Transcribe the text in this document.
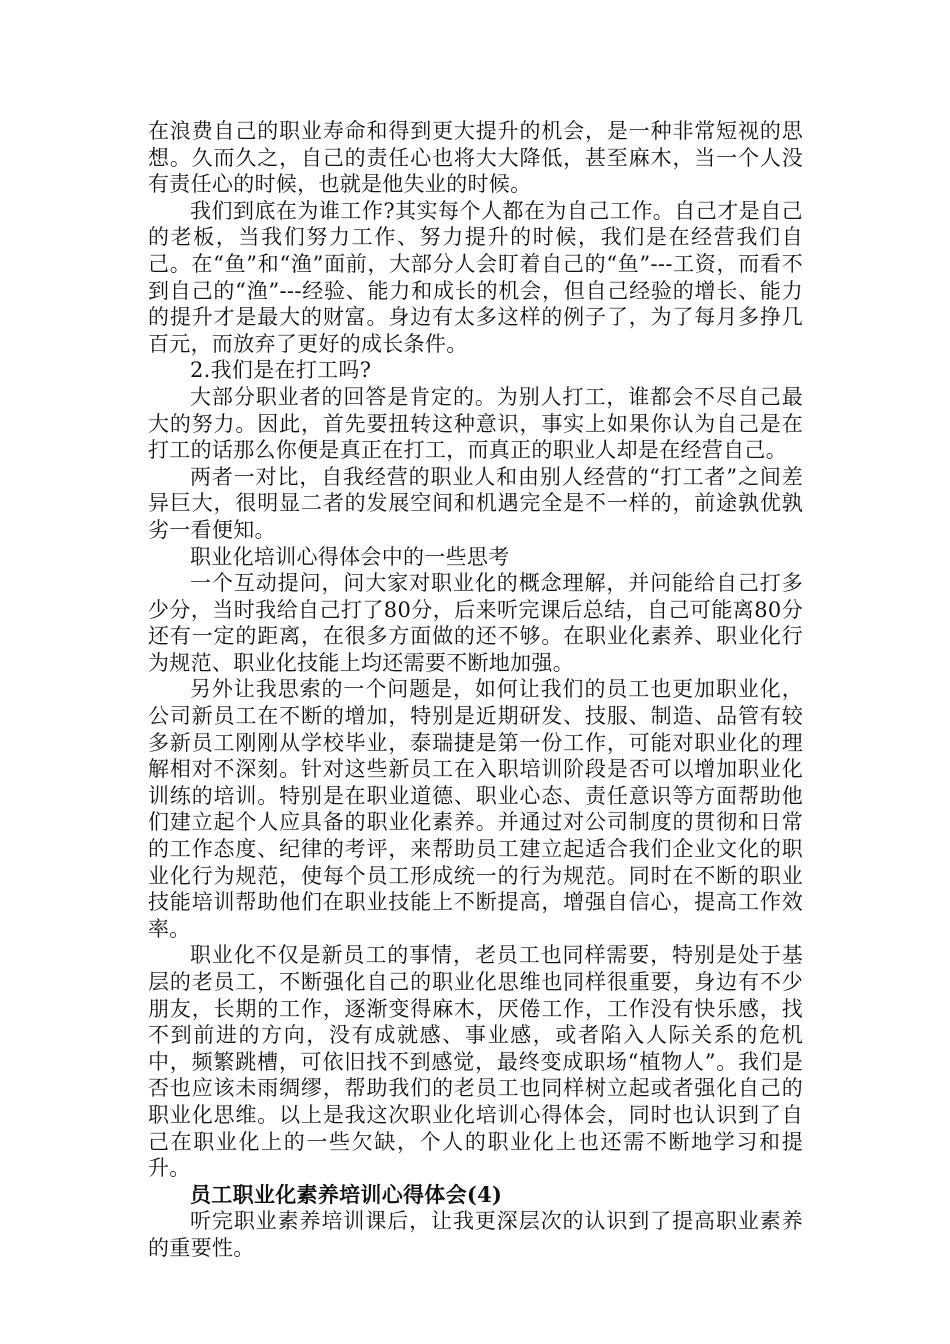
在浪费自己的职业寿命和得到更大提升的机会，是一种非常短视的思想。久而久之，自己的责任心也将大大降低，甚至麻木，当一个人没有责任心的时候，也就是他失业的时候。

我们到底在为谁工作?其实每个人都在为自己工作。自己才是自己的老板，当我们努力工作、努力提升的时候，我们是在经营我们自己。在“鱼”和“渔”面前，大部分人会盯着自己的“鱼”---工资，而看不到自己的“渔”---经验、能力和成长的机会，但自己经验的增长、能力的提升才是最大的财富。身边有太多这样的例子了，为了每月多挣几百元，而放弃了更好的成长条件。

2.我们是在打工吗?

大部分职业者的回答是肯定的。为别人打工，谁都会不尽自己最大的努力。因此，首先要扭转这种意识，事实上如果你认为自己是在打工的话那么你便是真正在打工，而真正的职业人却是在经营自己。

两者一对比，自我经营的职业人和由别人经营的“打工者”之间差异巨大，很明显二者的发展空间和机遇完全是不一样的，前途孰优孰劣一看便知。

职业化培训心得体会中的一些思考

一个互动提问，问大家对职业化的概念理解，并问能给自己打多少分，当时我给自己打了80分，后来听完课后总结，自己可能离80分还有一定的距离，在很多方面做的还不够。在职业化素养、职业化行为规范、职业化技能上均还需要不断地加强。

另外让我思索的一个问题是，如何让我们的员工也更加职业化，公司新员工在不断的增加，特别是近期研发、技服、制造、品管有较多新员工刚刚从学校毕业，泰瑞捷是第一份工作，可能对职业化的理解相对不深刻。针对这些新员工在入职培训阶段是否可以增加职业化训练的培训。特别是在职业道德、职业心态、责任意识等方面帮助他们建立起个人应具备的职业化素养。并通过对公司制度的贯彻和日常的工作态度、纪律的考评，来帮助员工建立起适合我们企业文化的职业化行为规范，使每个员工形成统一的行为规范。同时在不断的职业技能培训帮助他们在职业技能上不断提高，增强自信心，提高工作效率。

职业化不仅是新员工的事情，老员工也同样需要，特别是处于基层的老员工，不断强化自己的职业化思维也同样很重要，身边有不少朋友，长期的工作，逐渐变得麻木，厌倦工作，工作没有快乐感，找不到前进的方向，没有成就感、事业感，或者陷入人际关系的危机中，频繁跳槽，可依旧找不到感觉，最终变成职场“植物人”。我们是否也应该未雨绸缪，帮助我们的老员工也同样树立起或者强化自己的职业化思维。以上是我这次职业化培训心得体会，同时也认识到了自己在职业化上的一些欠缺，个人的职业化上也还需不断地学习和提升。

员工职业化素养培训心得体会(4)

听完职业素养培训课后，让我更深层次的认识到了提高职业素养的重要性。
